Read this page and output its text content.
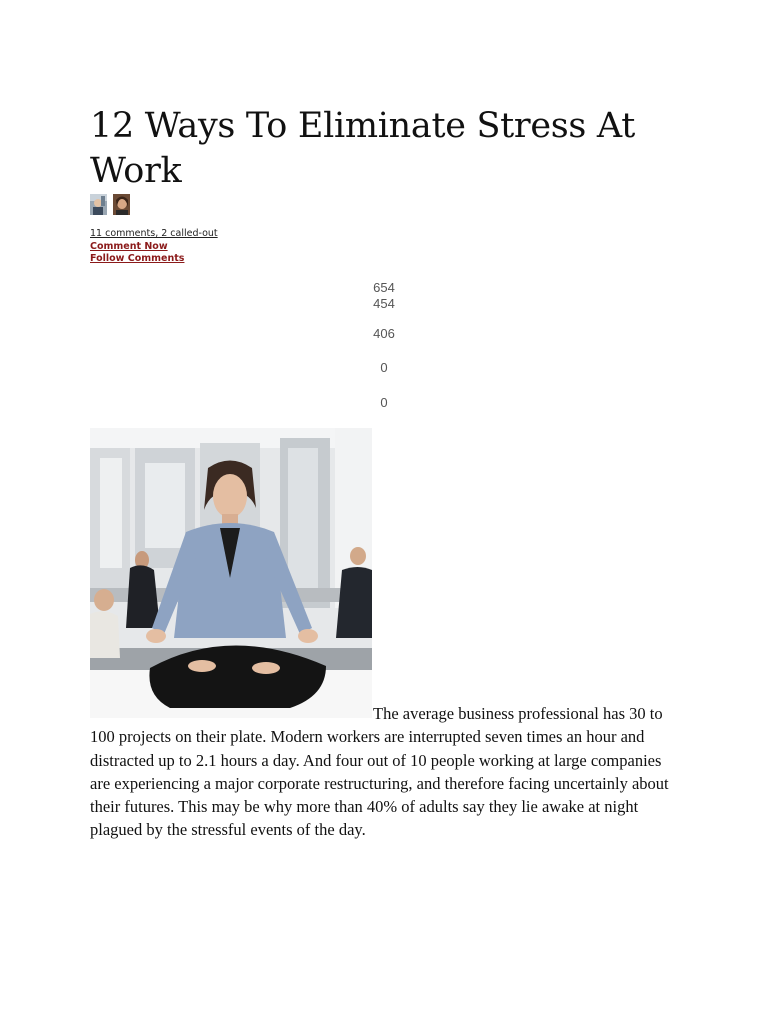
12 Ways To Eliminate Stress At Work

11 comments, 2 called-out
Comment Now
Follow Comments
654
454
406
0
0

The average business professional has 30 to 100 projects on their plate. Modern workers are interrupted seven times an hour and distracted up to 2.1 hours a day. And four out of 10 people working at large companies are experiencing a major corporate restructuring, and therefore facing uncertainly about their futures. This may be why more than 40% of adults say they lie awake at night plagued by the stressful events of the day.
